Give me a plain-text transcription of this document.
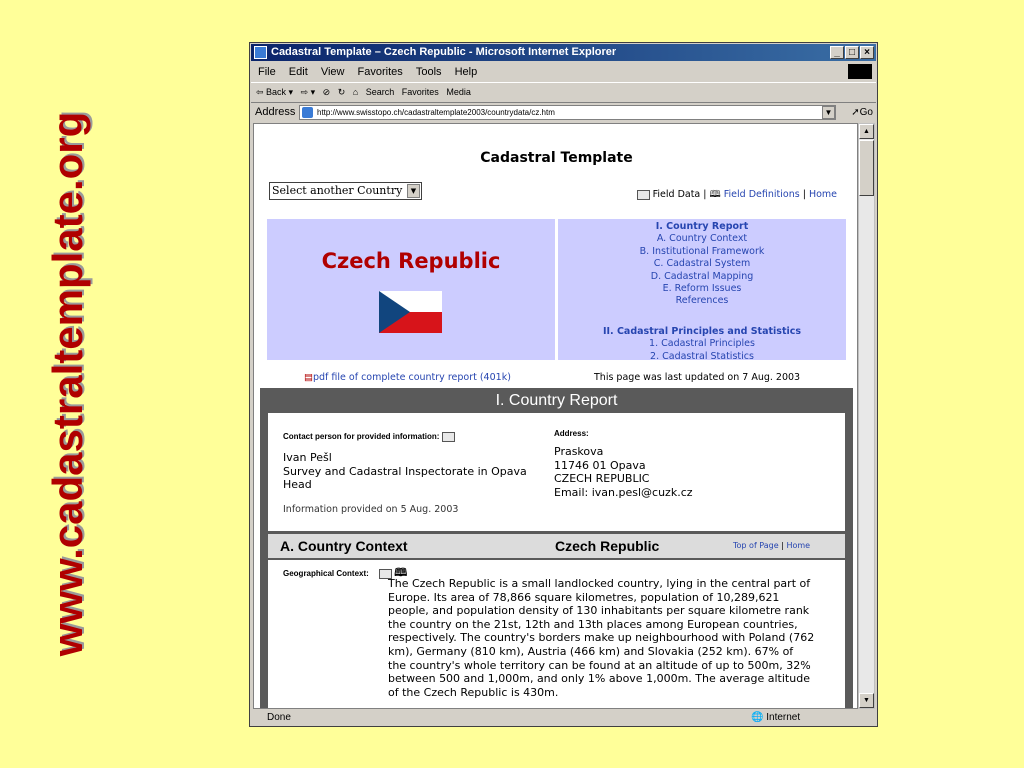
www.cadastraltemplate.org
Cadastral Template – Czech Republic - Microsoft Internet Explorer	_ □ ×
File Edit View Favorites Tools Help
⇦ Back ▾ ⇨ ▾ ⊘ ↻ ⌂ Search Favorites Media
Address	http://www.swisstopo.ch/cadastraltemplate2003/countrydata/cz.htm	▼ ➚Go
Cadastral Template
Select another Country	▼	Field Data | 🕮 Field Definitions | Home
Czech Republic
I. Country Report
A. Country Context
B. Institutional Framework
C. Cadastral System
D. Cadastral Mapping
E. Reform Issues
References
II. Cadastral Principles and Statistics
1. Cadastral Principles
2. Cadastral Statistics
▤pdf file of complete country report (401k)	This page was last updated on 7 Aug. 2003
I. Country Report
Contact person for provided information:
Ivan Pešl
Survey and Cadastral Inspectorate in Opava
Head
Information provided on 5 Aug. 2003
Address:
Praskova
11746 01 Opava
CZECH REPUBLIC
Email: ivan.pesl@cuzk.cz
A. Country Context	Czech Republic	Top of Page | Home
Geographical Context: 🕮
The Czech Republic is a small landlocked country, lying in the central part of
Europe. Its area of 78,866 square kilometres, population of 10,289,621
people, and population density of 130 inhabitants per square kilometre rank
the country on the 21st, 12th and 13th places among European countries,
respectively. The country's borders make up neighbourhood with Poland (762
km), Germany (810 km), Austria (466 km) and Slovakia (252 km). 67% of
the country's whole territory can be found at an altitude of up to 500m, 32%
between 500 and 1,000m, and only 1% above 1,000m. The average altitude
of the Czech Republic is 430m.
▲
▼
Done	🌐 Internet
